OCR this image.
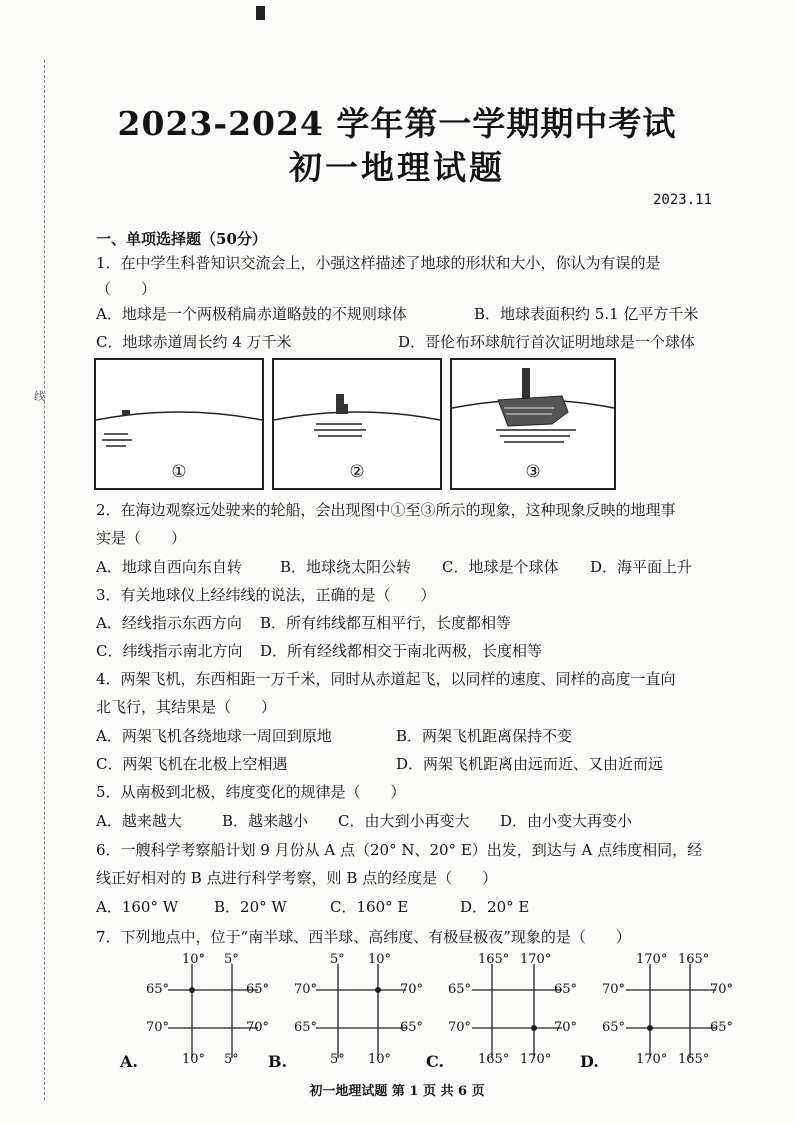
线
2023-2024 学年第一学期期中考试
初一地理试题
2023.11
一、单项选择题（50分）
1．在中学生科普知识交流会上，小强这样描述了地球的形状和大小，你认为有误的是
（　　）
A．地球是一个两极稍扁赤道略鼓的不规则球体	B．地球表面积约 5.1 亿平方千米
C．地球赤道周长约 4 万千米	D．哥伦布环球航行首次证明地球是一个球体
①	②	③
2．在海边观察远处驶来的轮船，会出现图中①至③所示的现象，这种现象反映的地理事
实是（　　）
A．地球自西向东自转	B．地球绕太阳公转 C．地球是个球体 D．海平面上升
3．有关地球仪上经纬线的说法，正确的是（　　）
A．经线指示东西方向 B．所有纬线都互相平行，长度都相等
C．纬线指示南北方向 D．所有经线都相交于南北两极，长度相等
4．两架飞机，东西相距一万千米，同时从赤道起飞，以同样的速度、同样的高度一直向
北飞行，其结果是（　　）
A．两架飞机各绕地球一周回到原地	B．两架飞机距离保持不变
C．两架飞机在北极上空相遇	D．两架飞机距离由远而近、又由近而远
5．从南极到北极，纬度变化的规律是（　　）
A．越来越大	B．越来越小 C．由大到小再变大 D．由小变大再变小
6．一艘科学考察船计划 9 月份从 A 点（20° N、20° E）出发，到达与 A 点纬度相同，经
线正好相对的 B 点进行科学考察，则 B 点的经度是（　　）
A．160° W B．20° W	C．160° E	D．20° E
7．下列地点中，位于“南半球、西半球、高纬度、有极昼极夜”现象的是（　　）
10° 5°
65°
70°
65°
70°
10° 5°
5° 10°
70°
65°
70°
65°
5° 10°
165° 170°
65°
70°
65°
70°
165° 170°
170° 165°
70°
65°
70°
65°
170° 165°
A.	B.	C.	D.
初一地理试题 第 1 页 共 6 页
